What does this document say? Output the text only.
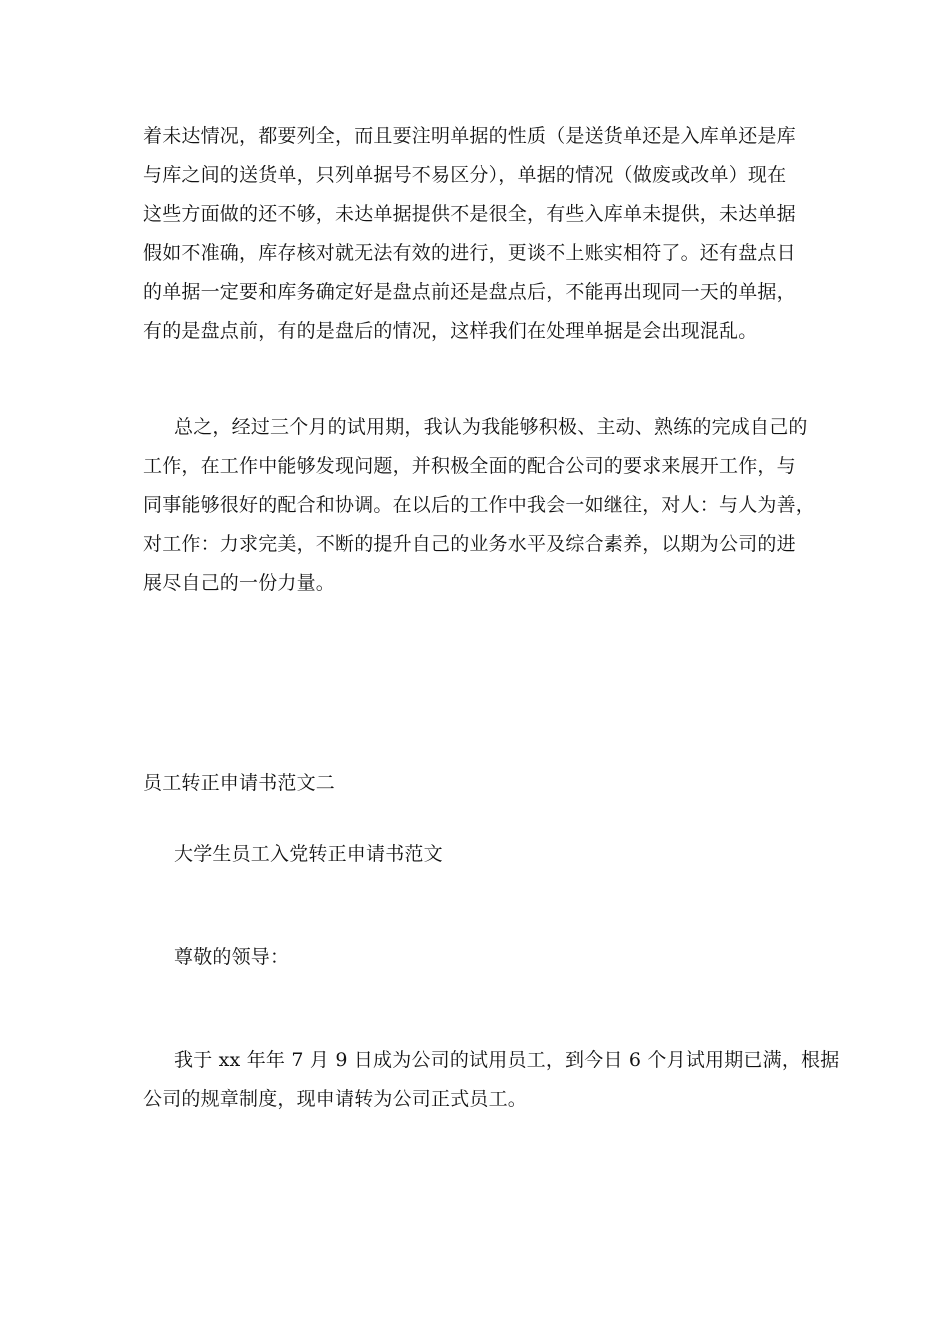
着未达情况，都要列全，而且要注明单据的性质（是送货单还是入库单还是库
与库之间的送货单，只列单据号不易区分），单据的情况（做废或改单）现在
这些方面做的还不够，未达单据提供不是很全，有些入库单未提供，未达单据
假如不准确，库存核对就无法有效的进行，更谈不上账实相符了。还有盘点日
的单据一定要和库务确定好是盘点前还是盘点后，不能再出现同一天的单据，
有的是盘点前，有的是盘后的情况，这样我们在处理单据是会出现混乱。
总之，经过三个月的试用期，我认为我能够积极、主动、熟练的完成自己的
工作，在工作中能够发现问题，并积极全面的配合公司的要求来展开工作，与
同事能够很好的配合和协调。在以后的工作中我会一如继往，对人：与人为善，
对工作：力求完美，不断的提升自己的业务水平及综合素养，以期为公司的进
展尽自己的一份力量。
员工转正申请书范文二
大学生员工入党转正申请书范文
尊敬的领导：
我于 xx 年年 7 月 9 日成为公司的试用员工，到今日 6 个月试用期已满，根据
公司的规章制度，现申请转为公司正式员工。
